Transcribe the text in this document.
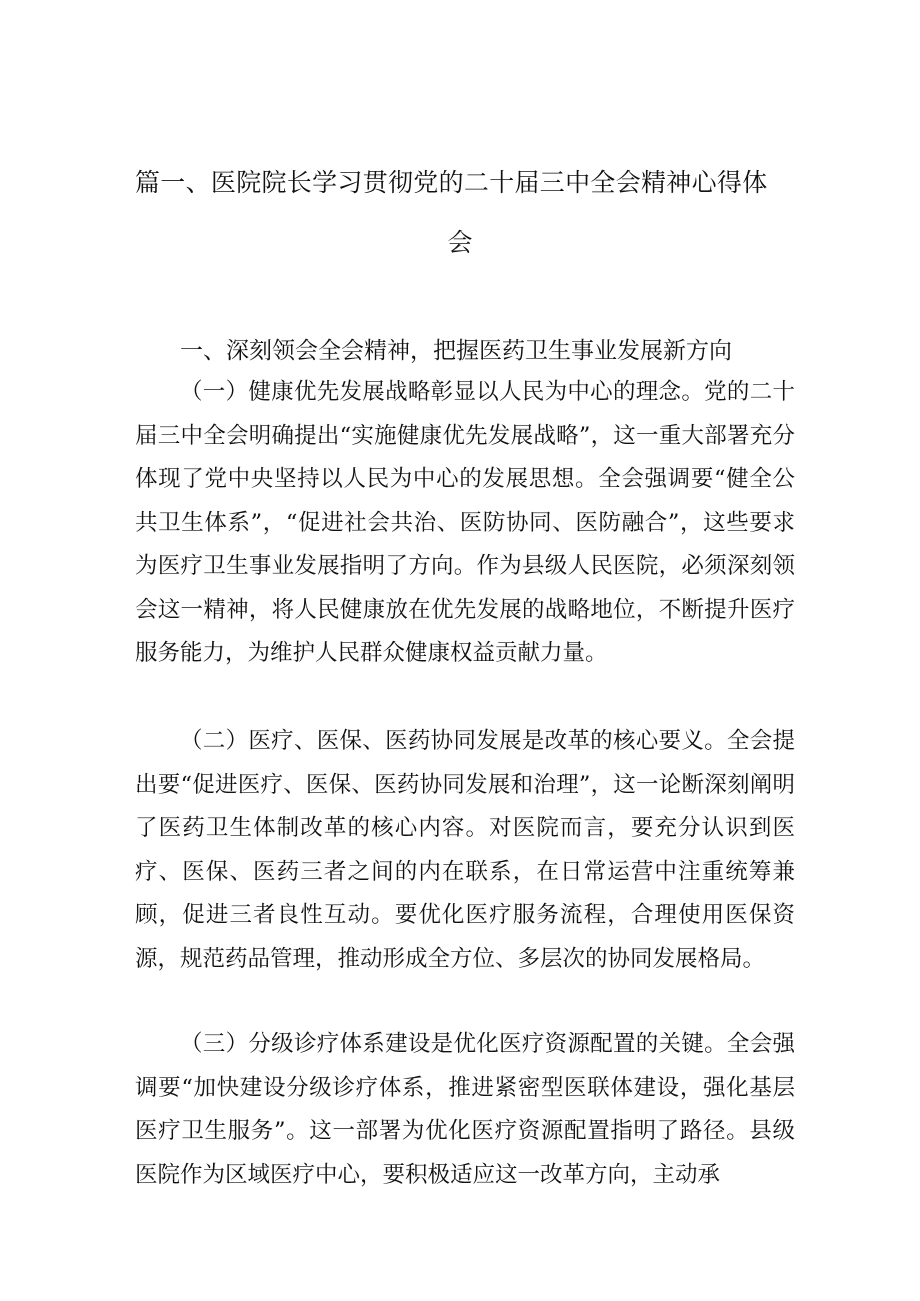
篇一、医院院长学习贯彻党的二十届三中全会精神心得体
会
一、深刻领会全会精神，把握医药卫生事业发展新方向

（一）健康优先发展战略彰显以人民为中心的理念。党的二十届三中全会明确提出“实施健康优先发展战略”，这一重大部署充分体现了党中央坚持以人民为中心的发展思想。全会强调要“健全公共卫生体系”，“促进社会共治、医防协同、医防融合”，这些要求为医疗卫生事业发展指明了方向。作为县级人民医院，必须深刻领会这一精神，将人民健康放在优先发展的战略地位，不断提升医疗服务能力，为维护人民群众健康权益贡献力量。

（二）医疗、医保、医药协同发展是改革的核心要义。全会提出要“促进医疗、医保、医药协同发展和治理”，这一论断深刻阐明了医药卫生体制改革的核心内容。对医院而言，要充分认识到医疗、医保、医药三者之间的内在联系，在日常运营中注重统筹兼顾，促进三者良性互动。要优化医疗服务流程，合理使用医保资源，规范药品管理，推动形成全方位、多层次的协同发展格局。

（三）分级诊疗体系建设是优化医疗资源配置的关键。全会强调要“加快建设分级诊疗体系，推进紧密型医联体建设，强化基层医疗卫生服务”。这一部署为优化医疗资源配置指明了路径。县级医院作为区域医疗中心，要积极适应这一改革方向，主动承
